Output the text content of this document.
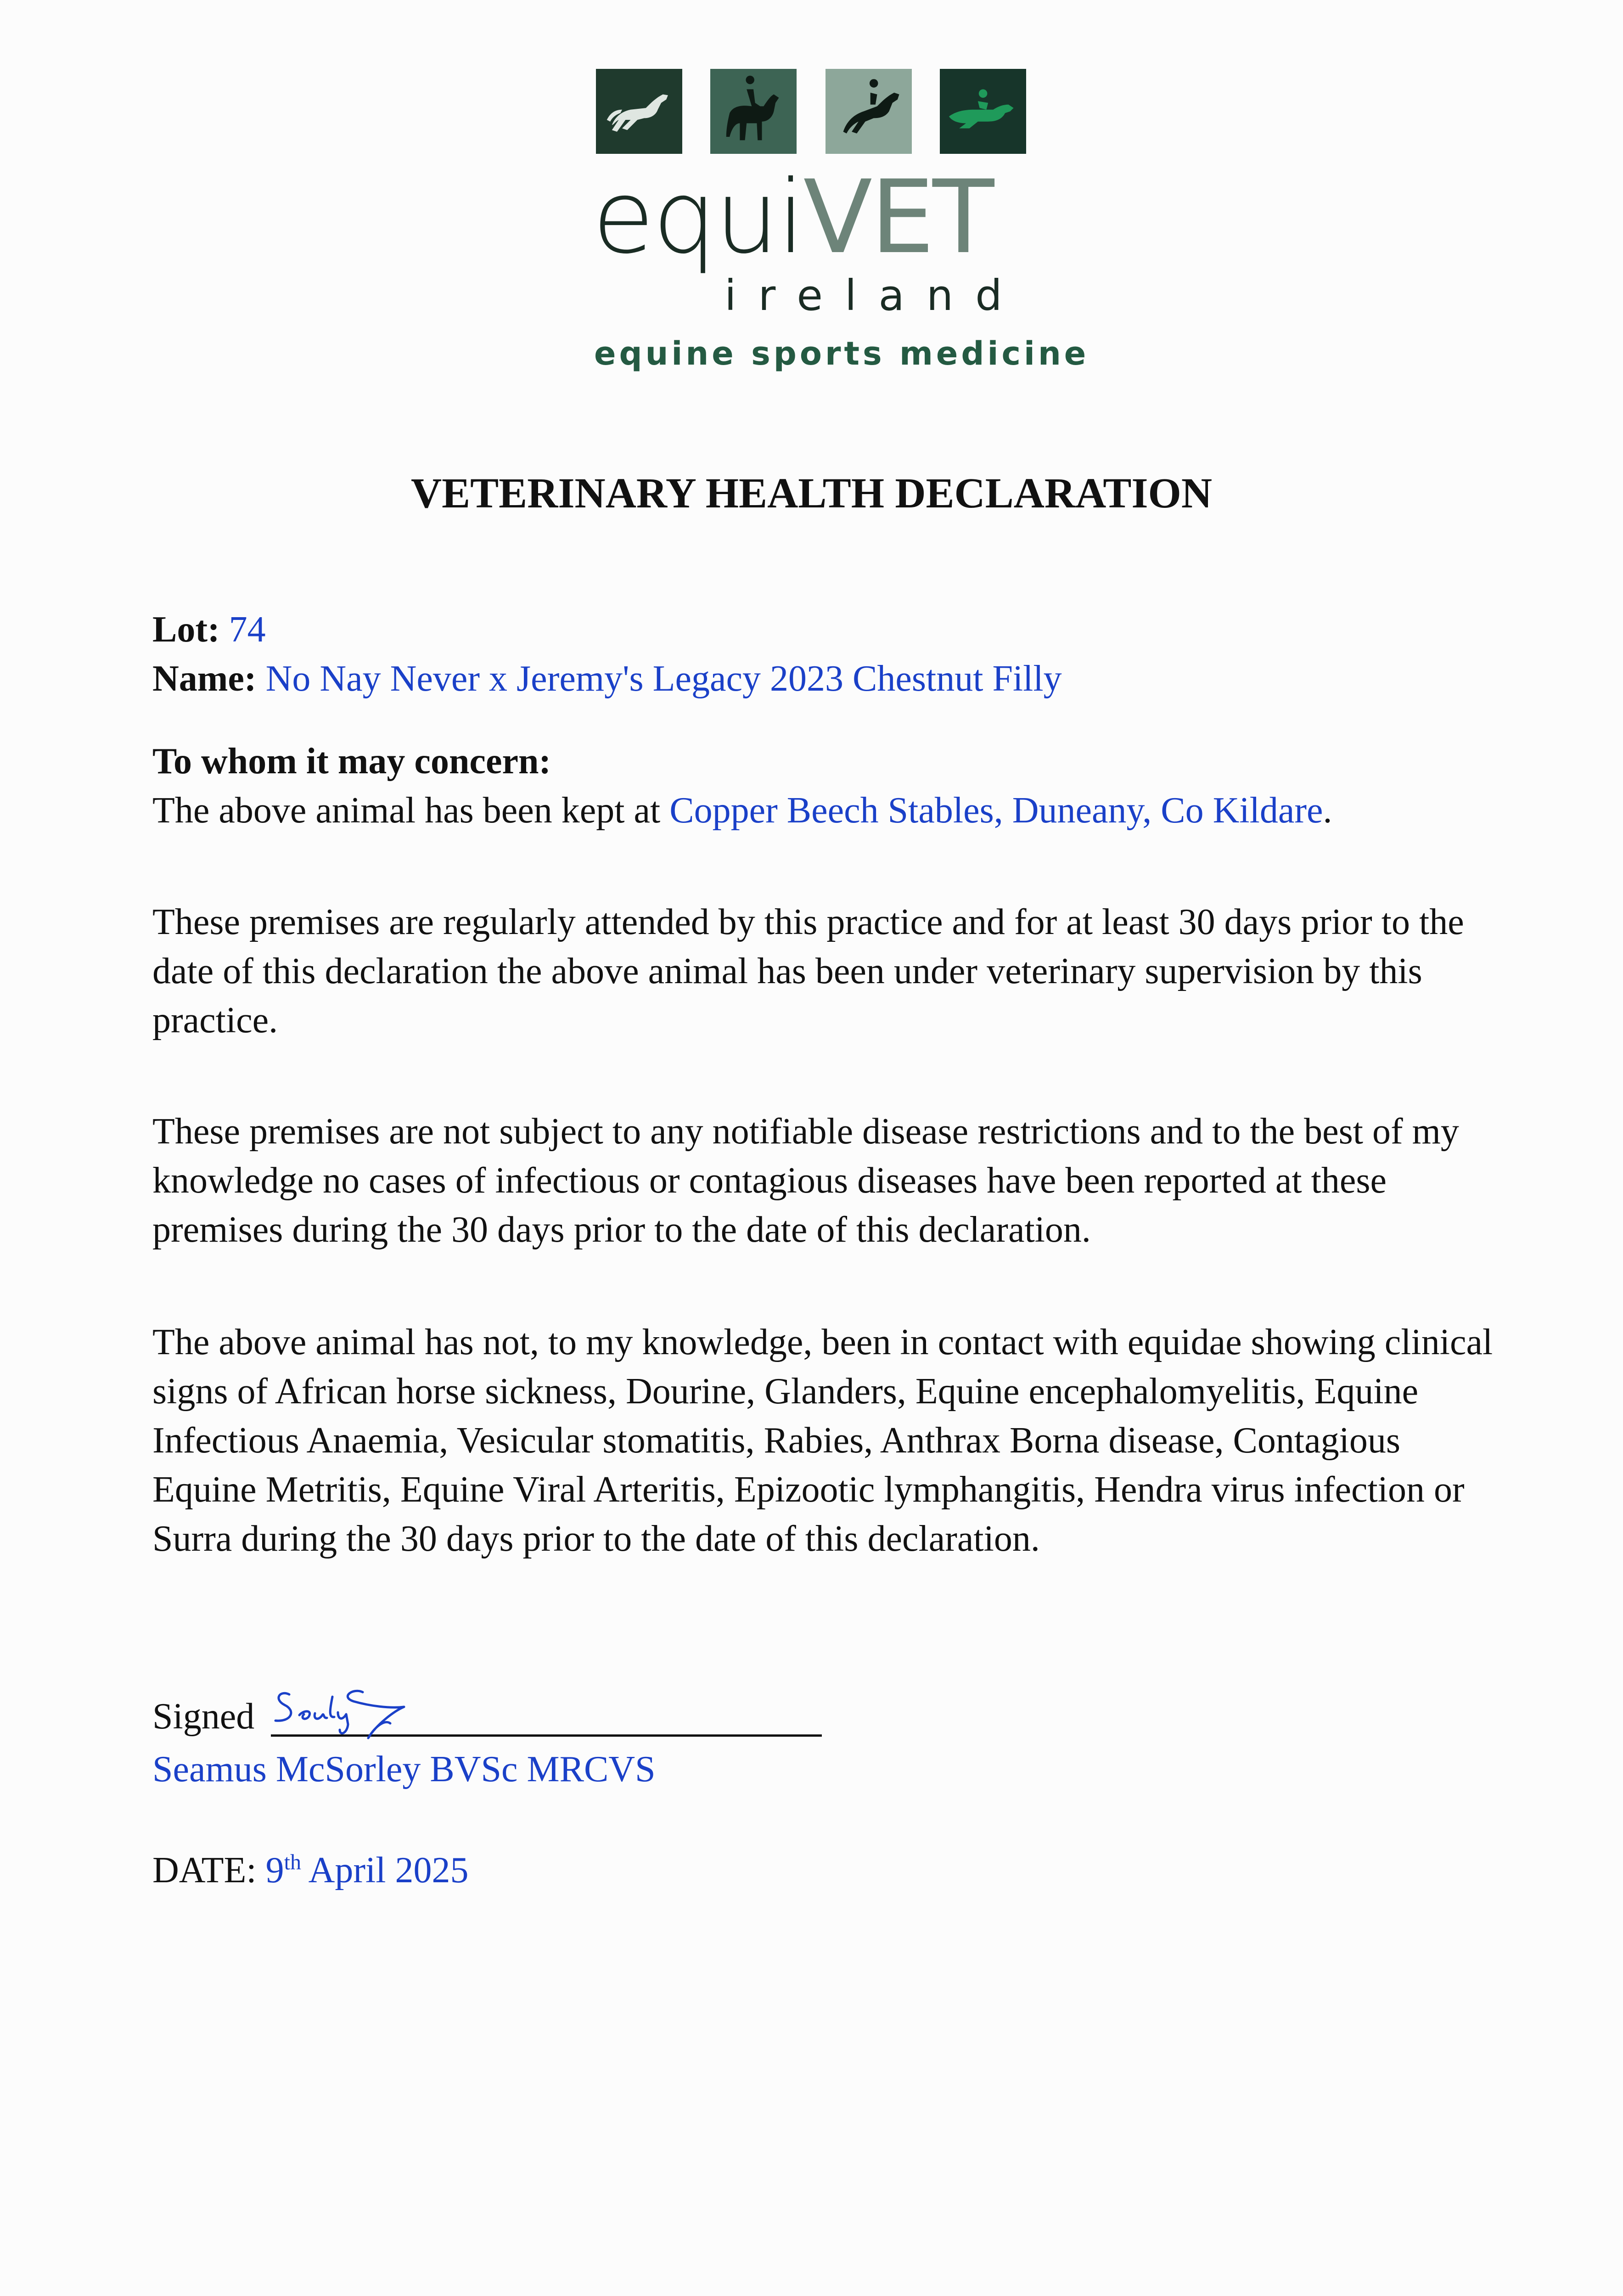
equiVET
ireland
equine sports medicine
VETERINARY HEALTH DECLARATION
Lot: 74
Name: No Nay Never x Jeremy's Legacy 2023 Chestnut Filly
To whom it may concern:
The above animal has been kept at Copper Beech Stables, Duneany, Co Kildare.
These premises are regularly attended by this practice and for at least 30 days prior to the date of this declaration the above animal has been under veterinary supervision by this practice.
These premises are not subject to any notifiable disease restrictions and to the best of my knowledge no cases of infectious or contagious diseases have been reported at these premises during the 30 days prior to the date of this declaration.
The above animal has not, to my knowledge, been in contact with equidae showing clinical signs of African horse sickness, Dourine, Glanders, Equine encephalomyelitis, Equine Infectious Anaemia, Vesicular stomatitis, Rabies, Anthrax Borna disease, Contagious Equine Metritis, Equine Viral Arteritis, Epizootic lymphangitis, Hendra virus infection or Surra during the 30 days prior to the date of this declaration.
Signed
Seamus McSorley BVSc MRCVS
DATE: 9th April 2025
